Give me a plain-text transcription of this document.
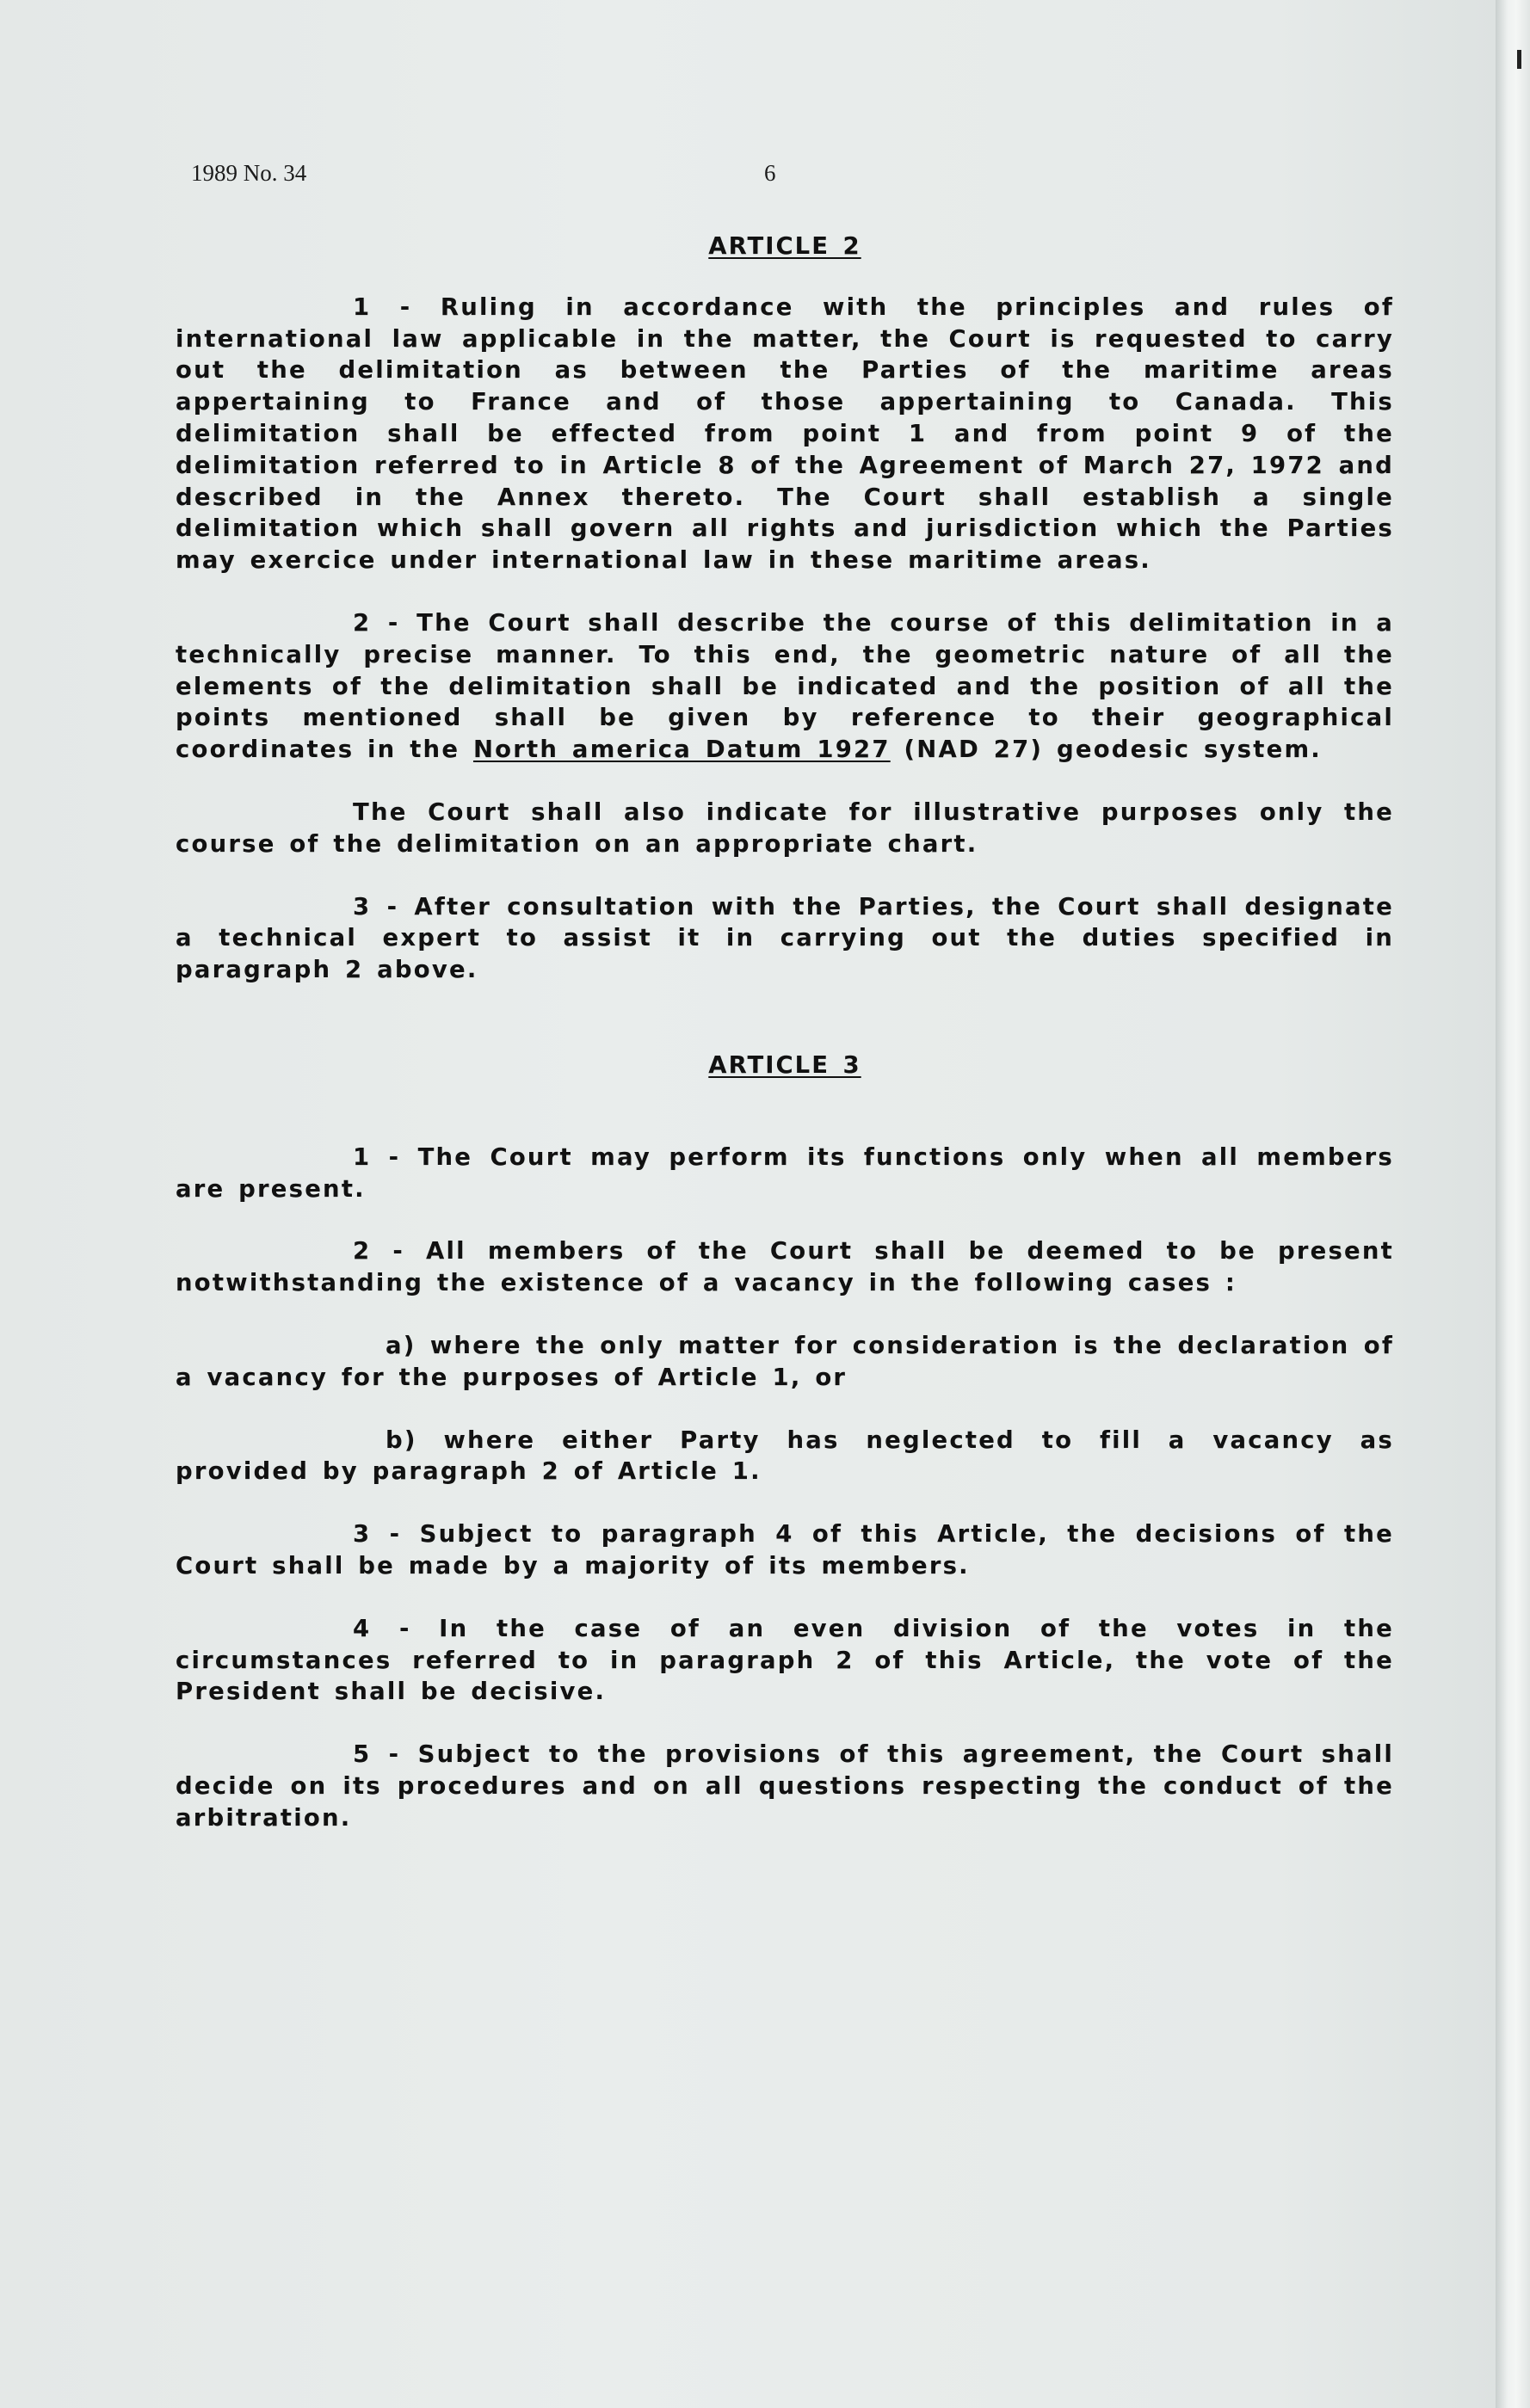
1989 No. 34	6

ARTICLE 2

1 - Ruling in accordance with the principles and rules of international law applicable in the matter, the Court is requested to carry out the delimitation as between the Parties of the maritime areas appertaining to France and of those appertaining to Canada. This delimitation shall be effected from point 1 and from point 9 of the delimitation referred to in Article 8 of the Agreement of March 27, 1972 and described in the Annex thereto. The Court shall establish a single delimitation which shall govern all rights and jurisdiction which the Parties may exercice under international law in these maritime areas.

2 - The Court shall describe the course of this delimitation in a technically precise manner. To this end, the geometric nature of all the elements of the delimitation shall be indicated and the position of all the points mentioned shall be given by reference to their geographical coordinates in the North america Datum 1927 (NAD 27) geodesic system.

The Court shall also indicate for illustrative purposes only the course of the delimitation on an appropriate chart.

3 - After consultation with the Parties, the Court shall designate a technical expert to assist it in carrying out the duties specified in paragraph 2 above.

ARTICLE 3

1 - The Court may perform its functions only when all members are present.

2 - All members of the Court shall be deemed to be present notwithstanding the existence of a vacancy in the following cases :

a) where the only matter for consideration is the declaration of a vacancy for the purposes of Article 1, or

b) where either Party has neglected to fill a vacancy as provided by paragraph 2 of Article 1.

3 - Subject to paragraph 4 of this Article, the decisions of the Court shall be made by a majority of its members.

4 - In the case of an even division of the votes in the circumstances referred to in paragraph 2 of this Article, the vote of the President shall be decisive.

5 - Subject to the provisions of this agreement, the Court shall decide on its procedures and on all questions respecting the conduct of the arbitration.
